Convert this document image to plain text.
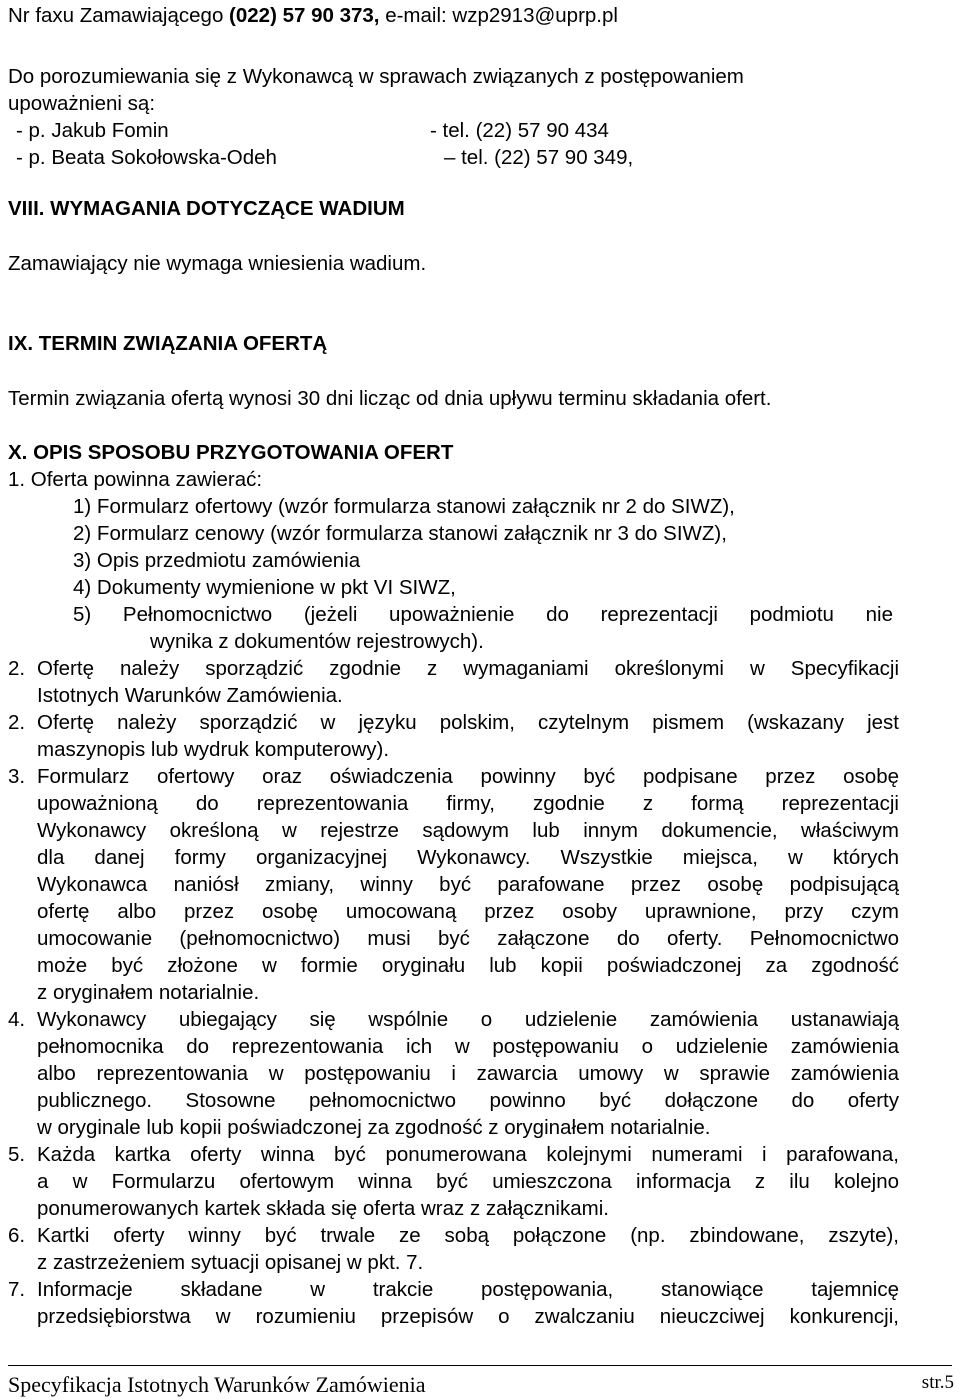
Nr faxu Zamawiającego (022) 57 90 373, e-mail: wzp2913@uprp.pl
Do porozumiewania się z Wykonawcą w sprawach związanych z postępowaniem
upoważnieni są:
- p. Jakub Fomin	- tel. (22) 57 90 434
- p. Beata Sokołowska-Odeh	– tel. (22) 57 90 349,
VIII. WYMAGANIA DOTYCZĄCE WADIUM
Zamawiający nie wymaga wniesienia wadium.
IX. TERMIN ZWIĄZANIA OFERTĄ
Termin związania ofertą wynosi 30 dni licząc od dnia upływu terminu składania ofert.
X. OPIS SPOSOBU PRZYGOTOWANIA OFERT
1. Oferta powinna zawierać:
1) Formularz ofertowy (wzór formularza stanowi załącznik nr 2 do SIWZ),
2) Formularz cenowy (wzór formularza stanowi załącznik nr 3 do SIWZ),
3) Opis przedmiotu zamówienia
4) Dokumenty wymienione w pkt VI SIWZ,
5) Pełnomocnictwo (jeżeli upoważnienie do reprezentacji podmiotu nie
wynika z dokumentów rejestrowych).
2. Ofertę należy sporządzić zgodnie z wymaganiami określonymi w Specyfikacji
Istotnych Warunków Zamówienia.
2. Ofertę należy sporządzić w języku polskim, czytelnym pismem (wskazany jest
maszynopis lub wydruk komputerowy).
3. Formularz ofertowy oraz oświadczenia powinny być podpisane przez osobę
upoważnioną do reprezentowania firmy, zgodnie z formą reprezentacji
Wykonawcy określoną w rejestrze sądowym lub innym dokumencie, właściwym
dla danej formy organizacyjnej Wykonawcy. Wszystkie miejsca, w których
Wykonawca naniósł zmiany, winny być parafowane przez osobę podpisującą
ofertę albo przez osobę umocowaną przez osoby uprawnione, przy czym
umocowanie (pełnomocnictwo) musi być załączone do oferty. Pełnomocnictwo
może być złożone w formie oryginału lub kopii poświadczonej za zgodność
z oryginałem notarialnie.
4. Wykonawcy ubiegający się wspólnie o udzielenie zamówienia ustanawiają
pełnomocnika do reprezentowania ich w postępowaniu o udzielenie zamówienia
albo reprezentowania w postępowaniu i zawarcia umowy w sprawie zamówienia
publicznego. Stosowne pełnomocnictwo powinno być dołączone do oferty
w oryginale lub kopii poświadczonej za zgodność z oryginałem notarialnie.
5. Każda kartka oferty winna być ponumerowana kolejnymi numerami i parafowana,
a w Formularzu ofertowym winna być umieszczona informacja z ilu kolejno
ponumerowanych kartek składa się oferta wraz z załącznikami.
6. Kartki oferty winny być trwale ze sobą połączone (np. zbindowane, zszyte),
z zastrzeżeniem sytuacji opisanej w pkt. 7.
7. Informacje składane w trakcie postępowania, stanowiące tajemnicę
przedsiębiorstwa w rozumieniu przepisów o zwalczaniu nieuczciwej konkurencji,
Specyfikacja Istotnych Warunków Zamówienia	str.5
